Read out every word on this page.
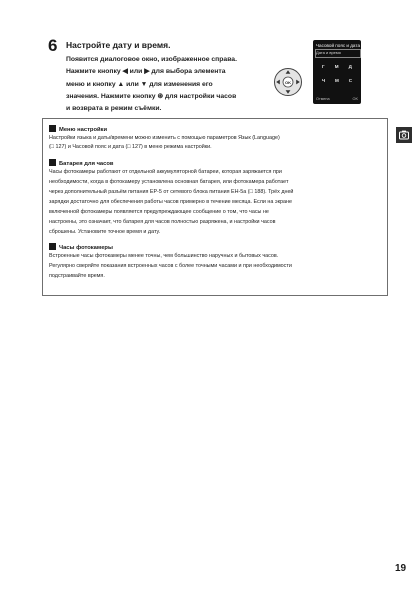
6 Настройте дату и время.
Появится диалоговое окно, изображенное справа.
Нажмите кнопку ◀ или ▶ для выбора элемента
меню и кнопку ▲ или ▼ для изменения его
значения. Нажмите кнопку ⊛ для настройки часов
и возврата в режим съёмки.
OK
Часовой пояс и дата
Дата и время
Г М Д
Ч М С
Отмена	OK
Меню настройки
Настройки языка и даты/времени можно изменить с помощью параметров Язык (Language)
(□ 127) и Часовой пояс и дата (□ 127) в меню режима настройки.
Батарея для часов
Часы фотокамеры работают от отдельной аккумуляторной батареи, которая заряжается при
необходимости, когда в фотокамеру установлена основная батарея, или фотокамера работает
через дополнительный разъём питания EP-5 от сетевого блока питания EH-5a (□ 188). Трёх дней
зарядки достаточно для обеспечения работы часов примерно в течение месяца. Если на экране
включенной фотокамеры появляется предупреждающее сообщение о том, что часы не
настроены, это означает, что батарея для часов полностью разряжена, и настройки часов
сброшены. Установите точное время и дату.
Часы фотокамеры
Встроенные часы фотокамеры менее точны, чем большинство наручных и бытовых часов.
Регулярно сверяйте показания встроенных часов с более точными часами и при необходимости
подстраивайте время.
19
